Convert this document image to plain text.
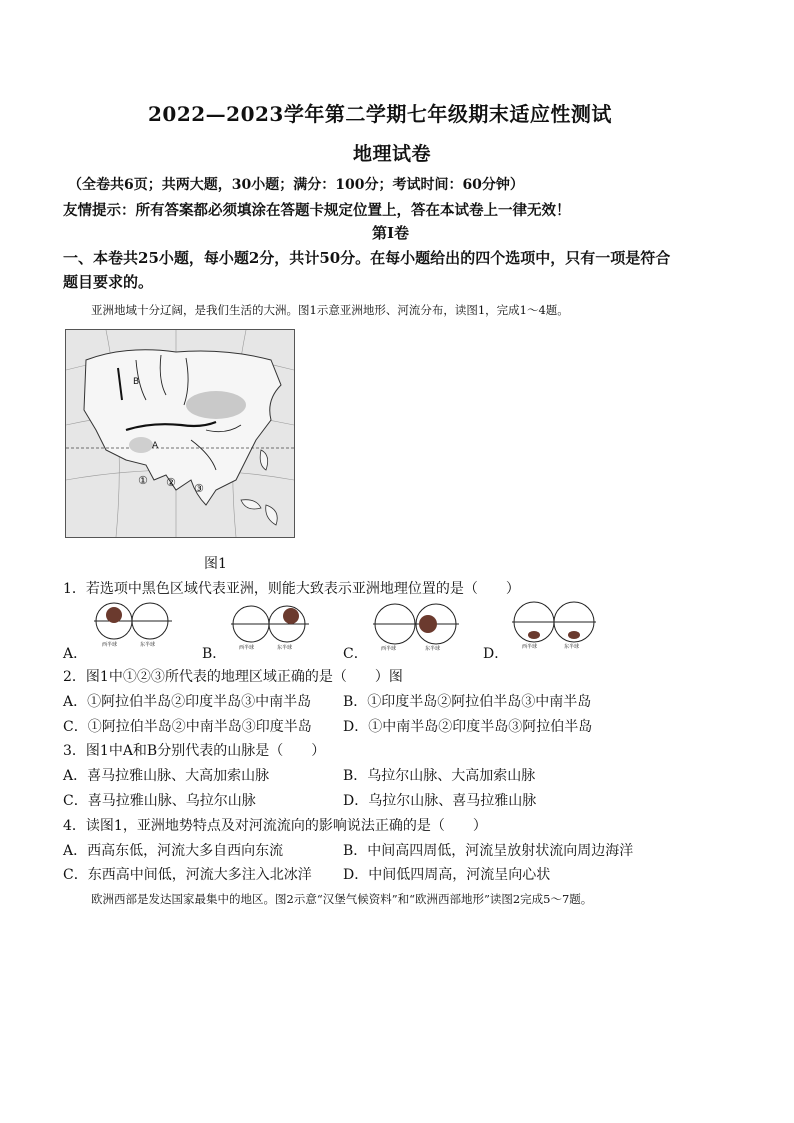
2022—2023学年第二学期七年级期末适应性测试
地理试卷
（全卷共6页；共两大题，30小题；满分：100分；考试时间：60分钟）
友情提示：所有答案都必须填涂在答题卡规定位置上，答在本试卷上一律无效！
第Ⅰ卷
一、本卷共25小题，每小题2分，共计50分。在每小题给出的四个选项中，只有一项是符合
题目要求的。
亚洲地域十分辽阔，是我们生活的大洲。图1示意亚洲地形、河流分布，读图1，完成1～4题。
B
A
① ② ③
图1
1．若选项中黑色区域代表亚洲，则能大致表示亚洲地理位置的是（　　）
A．
西半球	东半球
B．	西半球	东半球	C．	西半球	东半球	D．	西半球	东半球
2．图1中①②③所代表的地理区域正确的是（　　）图
A．①阿拉伯半岛②印度半岛③中南半岛 B．①印度半岛②阿拉伯半岛③中南半岛
C．①阿拉伯半岛②中南半岛③印度半岛 D．①中南半岛②印度半岛③阿拉伯半岛
3．图1中A和B分别代表的山脉是（　　）
A．喜马拉雅山脉、大高加索山脉	B．乌拉尔山脉、大高加索山脉
C．喜马拉雅山脉、乌拉尔山脉	D．乌拉尔山脉、喜马拉雅山脉
4．读图1，亚洲地势特点及对河流流向的影响说法正确的是（　　）
A．西高东低，河流大多自西向东流	B．中间高四周低，河流呈放射状流向周边海洋
C．东西高中间低，河流大多注入北冰洋 D．中间低四周高，河流呈向心状
欧洲西部是发达国家最集中的地区。图2示意“汉堡气候资料”和“欧洲西部地形”读图2完成5～7题。
